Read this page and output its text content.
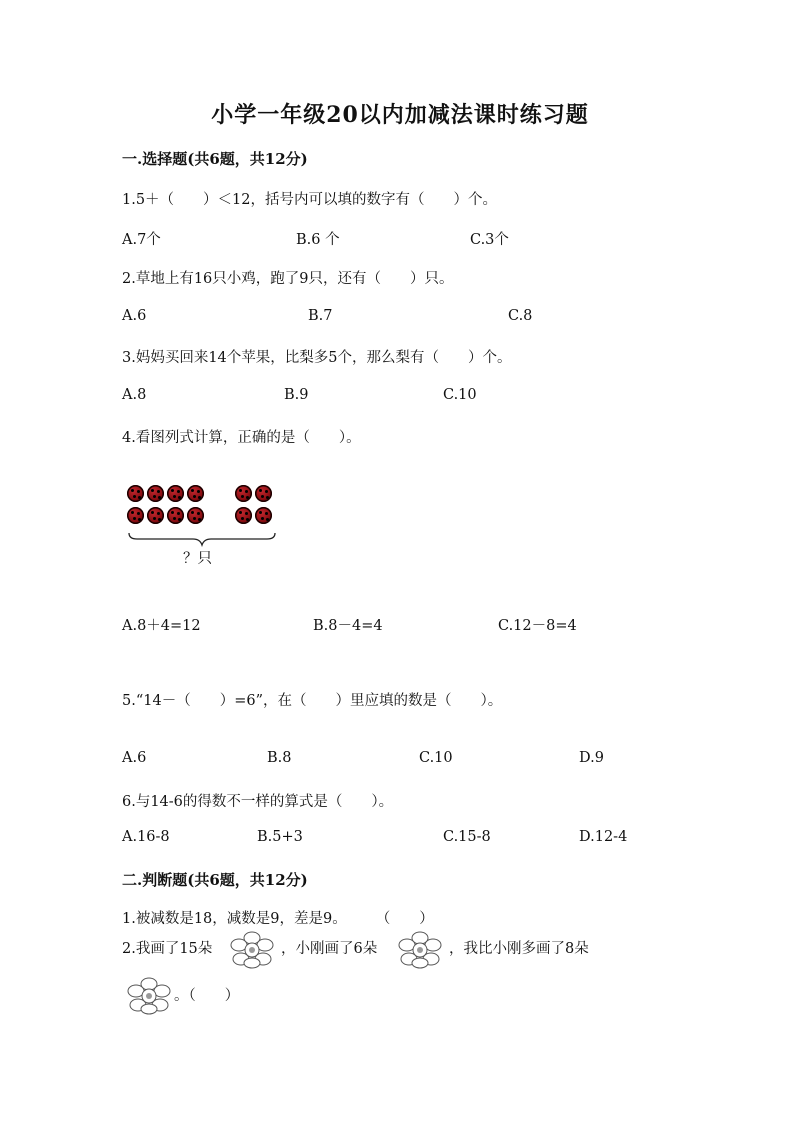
小学一年级20以内加减法课时练习题
一.选择题(共6题，共12分)
1.5＋（　　）＜12，括号内可以填的数字有（　　）个。
A.7个	B.6 个	C.3个
2.草地上有16只小鸡，跑了9只，还有（　　）只。
A.6	B.7	C.8
3.妈妈买回来14个苹果，比梨多5个，那么梨有（　　）个。
A.8	B.9	C.10
4.看图列式计算，正确的是（　　）。
？只
A.8＋4=12	B.8－4=4	C.12－8=4
5.“14－（　　）=6”，在（　　）里应填的数是（　　）。
A.6	B.8	C.10	D.9
6.与14-6的得数不一样的算式是（　　）。
A.16-8	B.5+3	C.15-8	D.12-4
二.判断题(共6题，共12分)
1.被减数是18，减数是9，差是9。　　　（　　）
2.我画了15朵	，小刚画了6朵	，我比小刚多画了8朵
。（　　）
